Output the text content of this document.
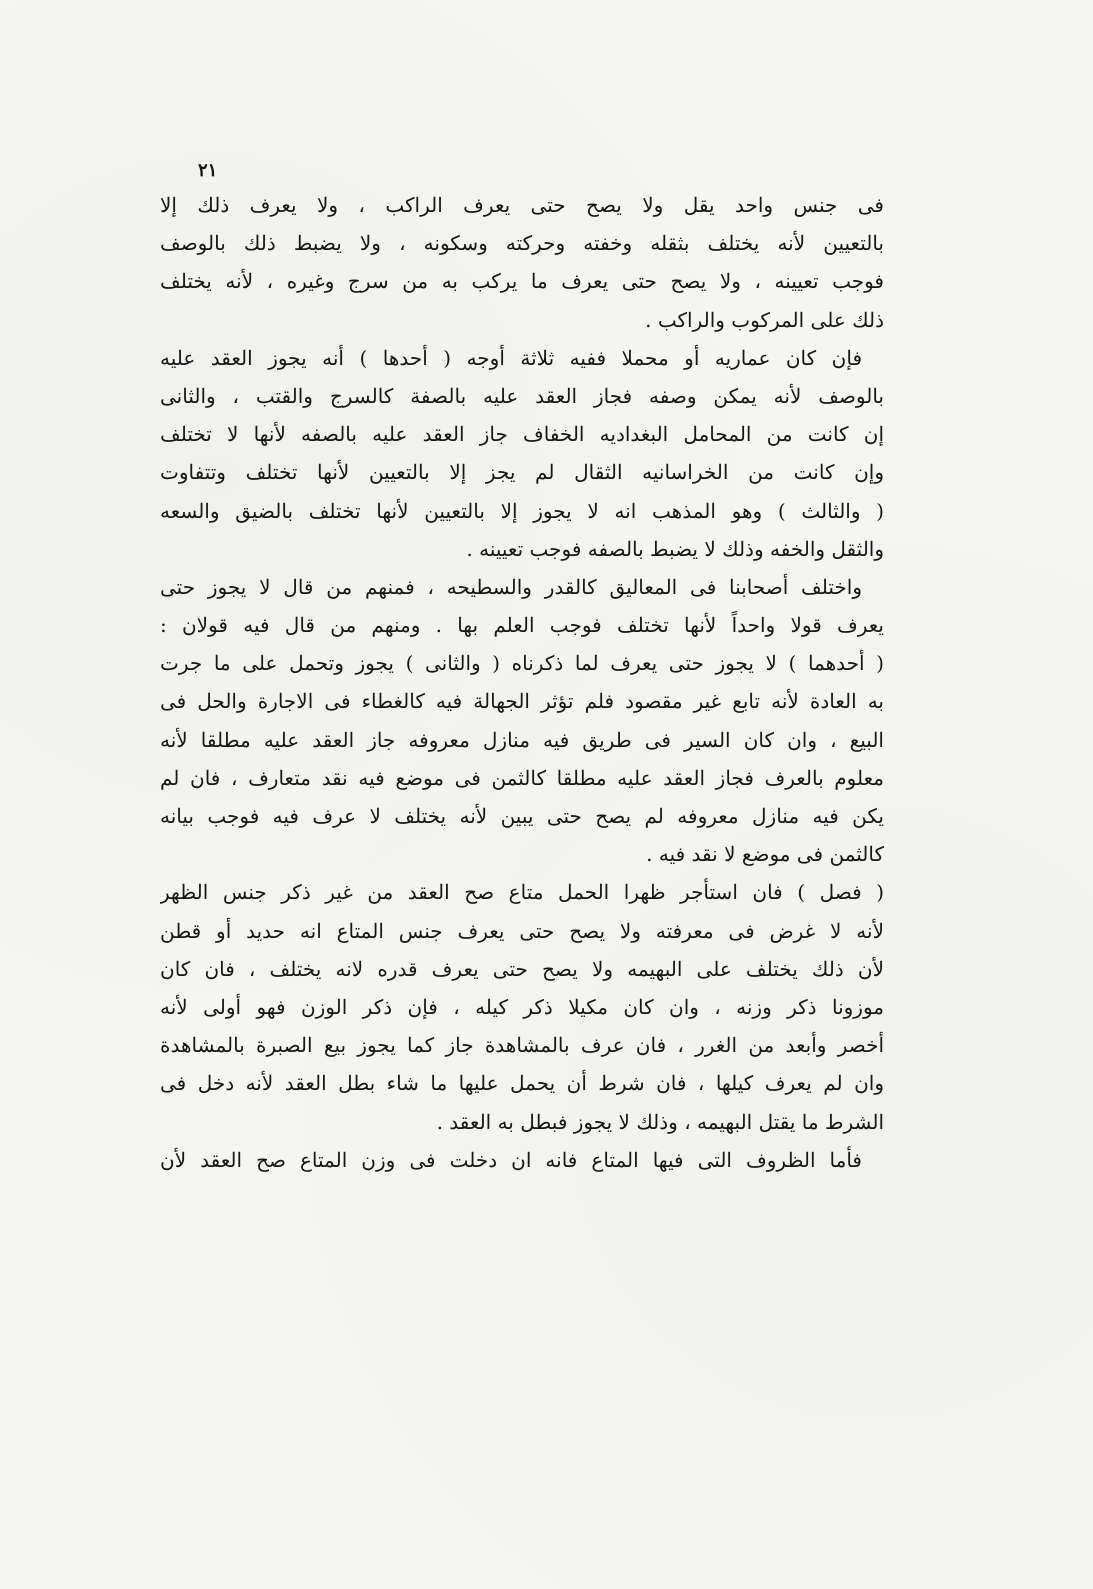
٢١
فى جنس واحد يقل ولا يصح حتى يعرف الراكب ، ولا يعرف ذلك إلا
بالتعيين لأنه يختلف بثقله وخفته وحركته وسكونه ، ولا يضبط ذلك بالوصف
فوجب تعيينه ، ولا يصح حتى يعرف ما يركب به من سرج وغيره ، لأنه يختلف
ذلك على المركوب والراكب .
فإن كان عماريه أو محملا ففيه ثلاثة أوجه ( أحدها ) أنه يجوز العقد عليه
بالوصف لأنه يمكن وصفه فجاز العقد عليه بالصفة كالسرج والقتب ، والثانى
إن كانت من المحامل البغداديه الخفاف جاز العقد عليه بالصفه لأنها لا تختلف
وإن كانت من الخراسانيه الثقال لم يجز إلا بالتعيين لأنها تختلف وتتفاوت
( والثالث ) وهو المذهب انه لا يجوز إلا بالتعيين لأنها تختلف بالضيق والسعه
والثقل والخفه وذلك لا يضبط بالصفه فوجب تعيينه .
واختلف أصحابنا فى المعاليق كالقدر والسطيحه ، فمنهم من قال لا يجوز حتى
يعرف قولا واحداً لأنها تختلف فوجب العلم بها . ومنهم من قال فيه قولان :
( أحدهما ) لا يجوز حتى يعرف لما ذكرناه ( والثانى ) يجوز وتحمل على ما جرت
به العادة لأنه تابع غير مقصود فلم تؤثر الجهالة فيه كالغطاء فى الاجارة والحل فى
البيع ، وان كان السير فى طريق فيه منازل معروفه جاز العقد عليه مطلقا لأنه
معلوم بالعرف فجاز العقد عليه مطلقا كالثمن فى موضع فيه نقد متعارف ، فان لم
يكن فيه منازل معروفه لم يصح حتى يبين لأنه يختلف لا عرف فيه فوجب بيانه
كالثمن فى موضع لا نقد فيه .
( فصل ) فان استأجر ظهرا الحمل متاع صح العقد من غير ذكر جنس الظهر
لأنه لا غرض فى معرفته ولا يصح حتى يعرف جنس المتاع انه حديد أو قطن
لأن ذلك يختلف على البهيمه ولا يصح حتى يعرف قدره لانه يختلف ، فان كان
موزونا ذكر وزنه ، وان كان مكيلا ذكر كيله ، فإن ذكر الوزن فهو أولى لأنه
أخصر وأبعد من الغرر ، فان عرف بالمشاهدة جاز كما يجوز بيع الصبرة بالمشاهدة
وان لم يعرف كيلها ، فان شرط أن يحمل عليها ما شاء بطل العقد لأنه دخل فى
الشرط ما يقتل البهيمه ، وذلك لا يجوز فبطل به العقد .
فأما الظروف التى فيها المتاع فانه ان دخلت فى وزن المتاع صح العقد لأن
